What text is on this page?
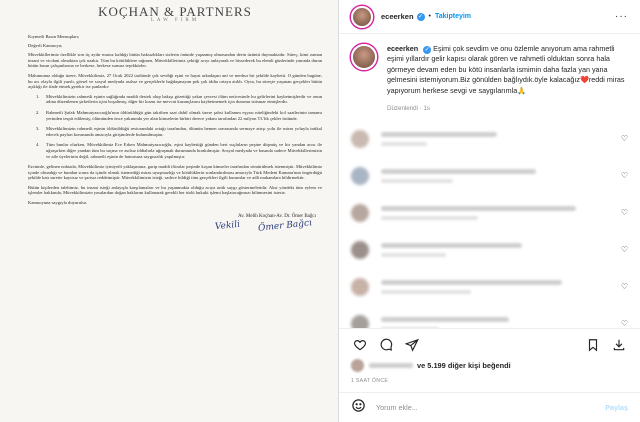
KOÇHAN & PARTNERS
LAW FIRM
Kıymetli Basın Mensupları;
Değerli Kamuoyu;
Müvekkillerimiz özellikle son üç aydır maruz kaldığı bütün haksızlıkları sizlerin önünde yaşanmış olmasından derin üzüntü duymaktadır. Süreç, kimi zaman insani ve vicdani olmaktan çok uzaktı. Tüm bu kötülüklere rağmen, Müvekkillerimiz çektiği acıyı anlayarak ve hissederek bu elemli günlerinde yanında duran bütün basın çalışanlarına ve herkese, herkese sonsuz teşekkürler.
Malumunuz olduğu üzere, Müvekkilimiz, 27 Ocak 2022 tarihinde çok sevdiği eşini ve hayat arkadaşını ani ve merhur bir şekilde kaybetti. O günden bugüne, bu acı olayla ilgili yazılı, görsel ve sosyal medyada asılsız ve gerçeklerle bağdaşmayan pek çok iddia ortaya atıldı. Oysa, bu süreçte yaşanan gerçekler bütün açıklığı ile ifade etmek gerekir ise şunlardır:
1.	Müvekkilimizin rahmetli eşinin sağlığında maddi destek olup bakışı gözettiği yakın çevresi ölüm neticesinde hu gelirlerini kaybetmişlerdir ve onun adına düzenlenen şirketlerin içini boşaltmış; diğer bir kısmı ise mevcut kazançlarını kaybetmemek için durumu istismar etmişlerdir.
2.	Rahmetli Şafak Mahmutyazıcıoğlu'nun öldürüldüğü gün takriben saat dahil olmak üzere şahsi kullanım eşyası niteliğindeki kol saatlerinin tamamı yerinden tespit edilemiş; ölümünden önce yakınında yer alan kimselerin birbiri derece yakını tarafından 22 milyon TL'lik çekler üstünde.
3.	Müvekkilimizin rahmetli eşinin öldürüldüğü restorandaki ortağı tarafından, ölümün hemen sonrasında sermaye artışı yolu ile miras yoluyla intikal edecek payları konusunda amacıyla girişimlerde bulunulmuştur.
4.	Tüm bunlar olurken, Müvekkilimiz Ece Erken Mahmutyazıcıoğlu, eşini kaybettiği günden beri suçluların peşine düşmüş ve bir yandan acısı ile uğraşırken diğer yandan tüm bu saçma ve asılsız iddialarla uğraşmak durumunda bırakılmıştır. Sosyal medyada ve basında sadece Müvekkillerimizin ve aile üyelerinin değil, rahmetli eşinin de hatırasına saygısızlık yapılmıştır.
Ezcümle, gelinen noktada, Müvekkilimiz iyiniyetli yaklaşımına, garip maddi iftiralar peşinde koşan kimseler tarafından sömürülmek istenmiştir. Müvekkilimiz içinde olmadığı ve bundan sonra da içinde olmak istemediği miras uyuşmazlığı ve kötülüklerin sonlandırılması amacıyla Türk Medeni Kanunu'nun öngördüğü şekilde katı surette kayıtsız ve şartsız reddetmiştir. Müvekkilimizin isteği, sadece bildiği tüm gerçekleri ilgili kurumlar ve adli makamlara bildirmektir.
Bütün kişilerden talebimiz, bu insani isteği anlayışla karşılamaları ve bu yaşanmakta olduğu acıya artık saygı göstermeleridir. Aksi yöndeki tüm eylem ve işlemler hakkında, Müvekkilimizin yasalardan doğan haklarını kullanarak gerekli her türlü hukuki işlemi başlatacağımızı bilinmesini isteriz.
Kamuoyuna saygıyla duyurulur.
Av. Melih Koçhan-Av. Dr. Ömer Bağcı
Vekili Ömer Bağcı
eceerken ✓ • Takipteyim	···
eceerken ✓ Eşimi çok sevdim ve onu özlemle anıyorum ama rahmetli eşimi yıllardır gelir kapısı olarak gören ve rahmetli olduktan sonra hala görmeye devam eden bu kötü insanlarla ismimin daha fazla yan yana gelmesini istemiyorum.Biz gönülden bağlıydık.öyle kalacağız❤️reddi miras yapıyorum herkese sevgi ve saygılarımla🙏
Düzenlendi · 1s
♡
♡
♡
♡
♡
♡
ve 5.199 diğer kişi beğendi
1 SAAT ÖNCE
Yorum ekle...
Paylaş
